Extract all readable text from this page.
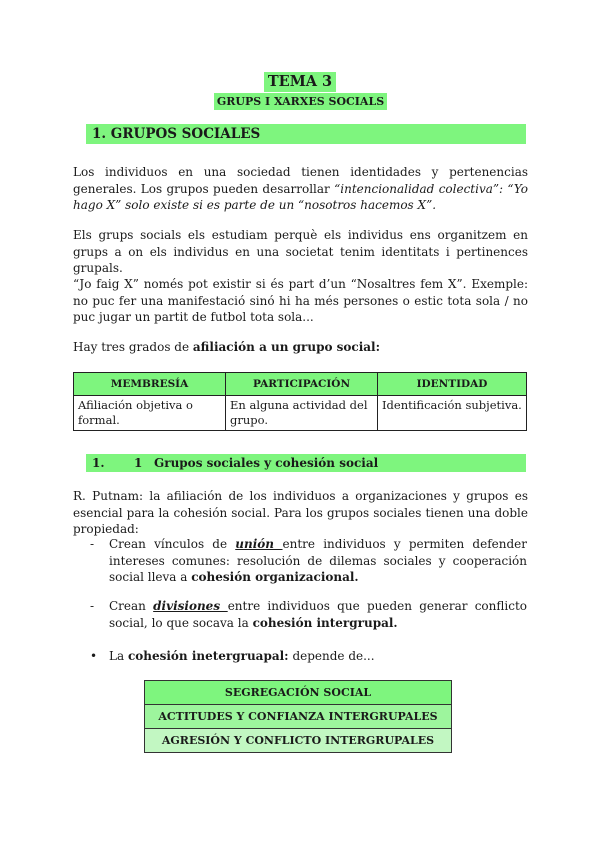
TEMA 3
GRUPS I XARXES SOCIALS
1. GRUPOS SOCIALES

Los individuos en una sociedad tienen identidades y pertenencias generales. Los grupos pueden desarrollar “intencionalidad colectiva”: “Yo hago X” solo existe si es parte de un “nosotros hacemos X”.

Els grups socials els estudiam perquè els individus ens organitzem en grups a on els individus en una societat tenim identitats i pertinences grupals.

“Jo faig X” només pot existir si és part d’un “Nosaltres fem X”. Exemple: no puc fer una manifestació sinó hi ha més persones o estic tota sola / no puc jugar un partit de futbol tota sola...

Hay tres grados de afiliación a un grupo social:

MEMBRESÍA	PARTICIPACIÓN	IDENTIDAD
Afiliación objetiva o formal.	En alguna actividad del grupo.	Identificación subjetiva.
1. 1 Grupos sociales y cohesión social

R. Putnam: la afiliación de los individuos a organizaciones y grupos es esencial para la cohesión social. Para los grupos sociales tienen una doble propiedad:

- Crean vínculos de unión entre individuos y permiten defender intereses comunes: resolución de dilemas sociales y cooperación social lleva a cohesión organizacional.

- Crean divisiones entre individuos que pueden generar conflicto social, lo que socava la cohesión intergrupal.

• La cohesión inetergruapal: depende de...

SEGREGACIÓN SOCIAL
ACTITUDES Y CONFIANZA INTERGRUPALES
AGRESIÓN Y CONFLICTO INTERGRUPALES
